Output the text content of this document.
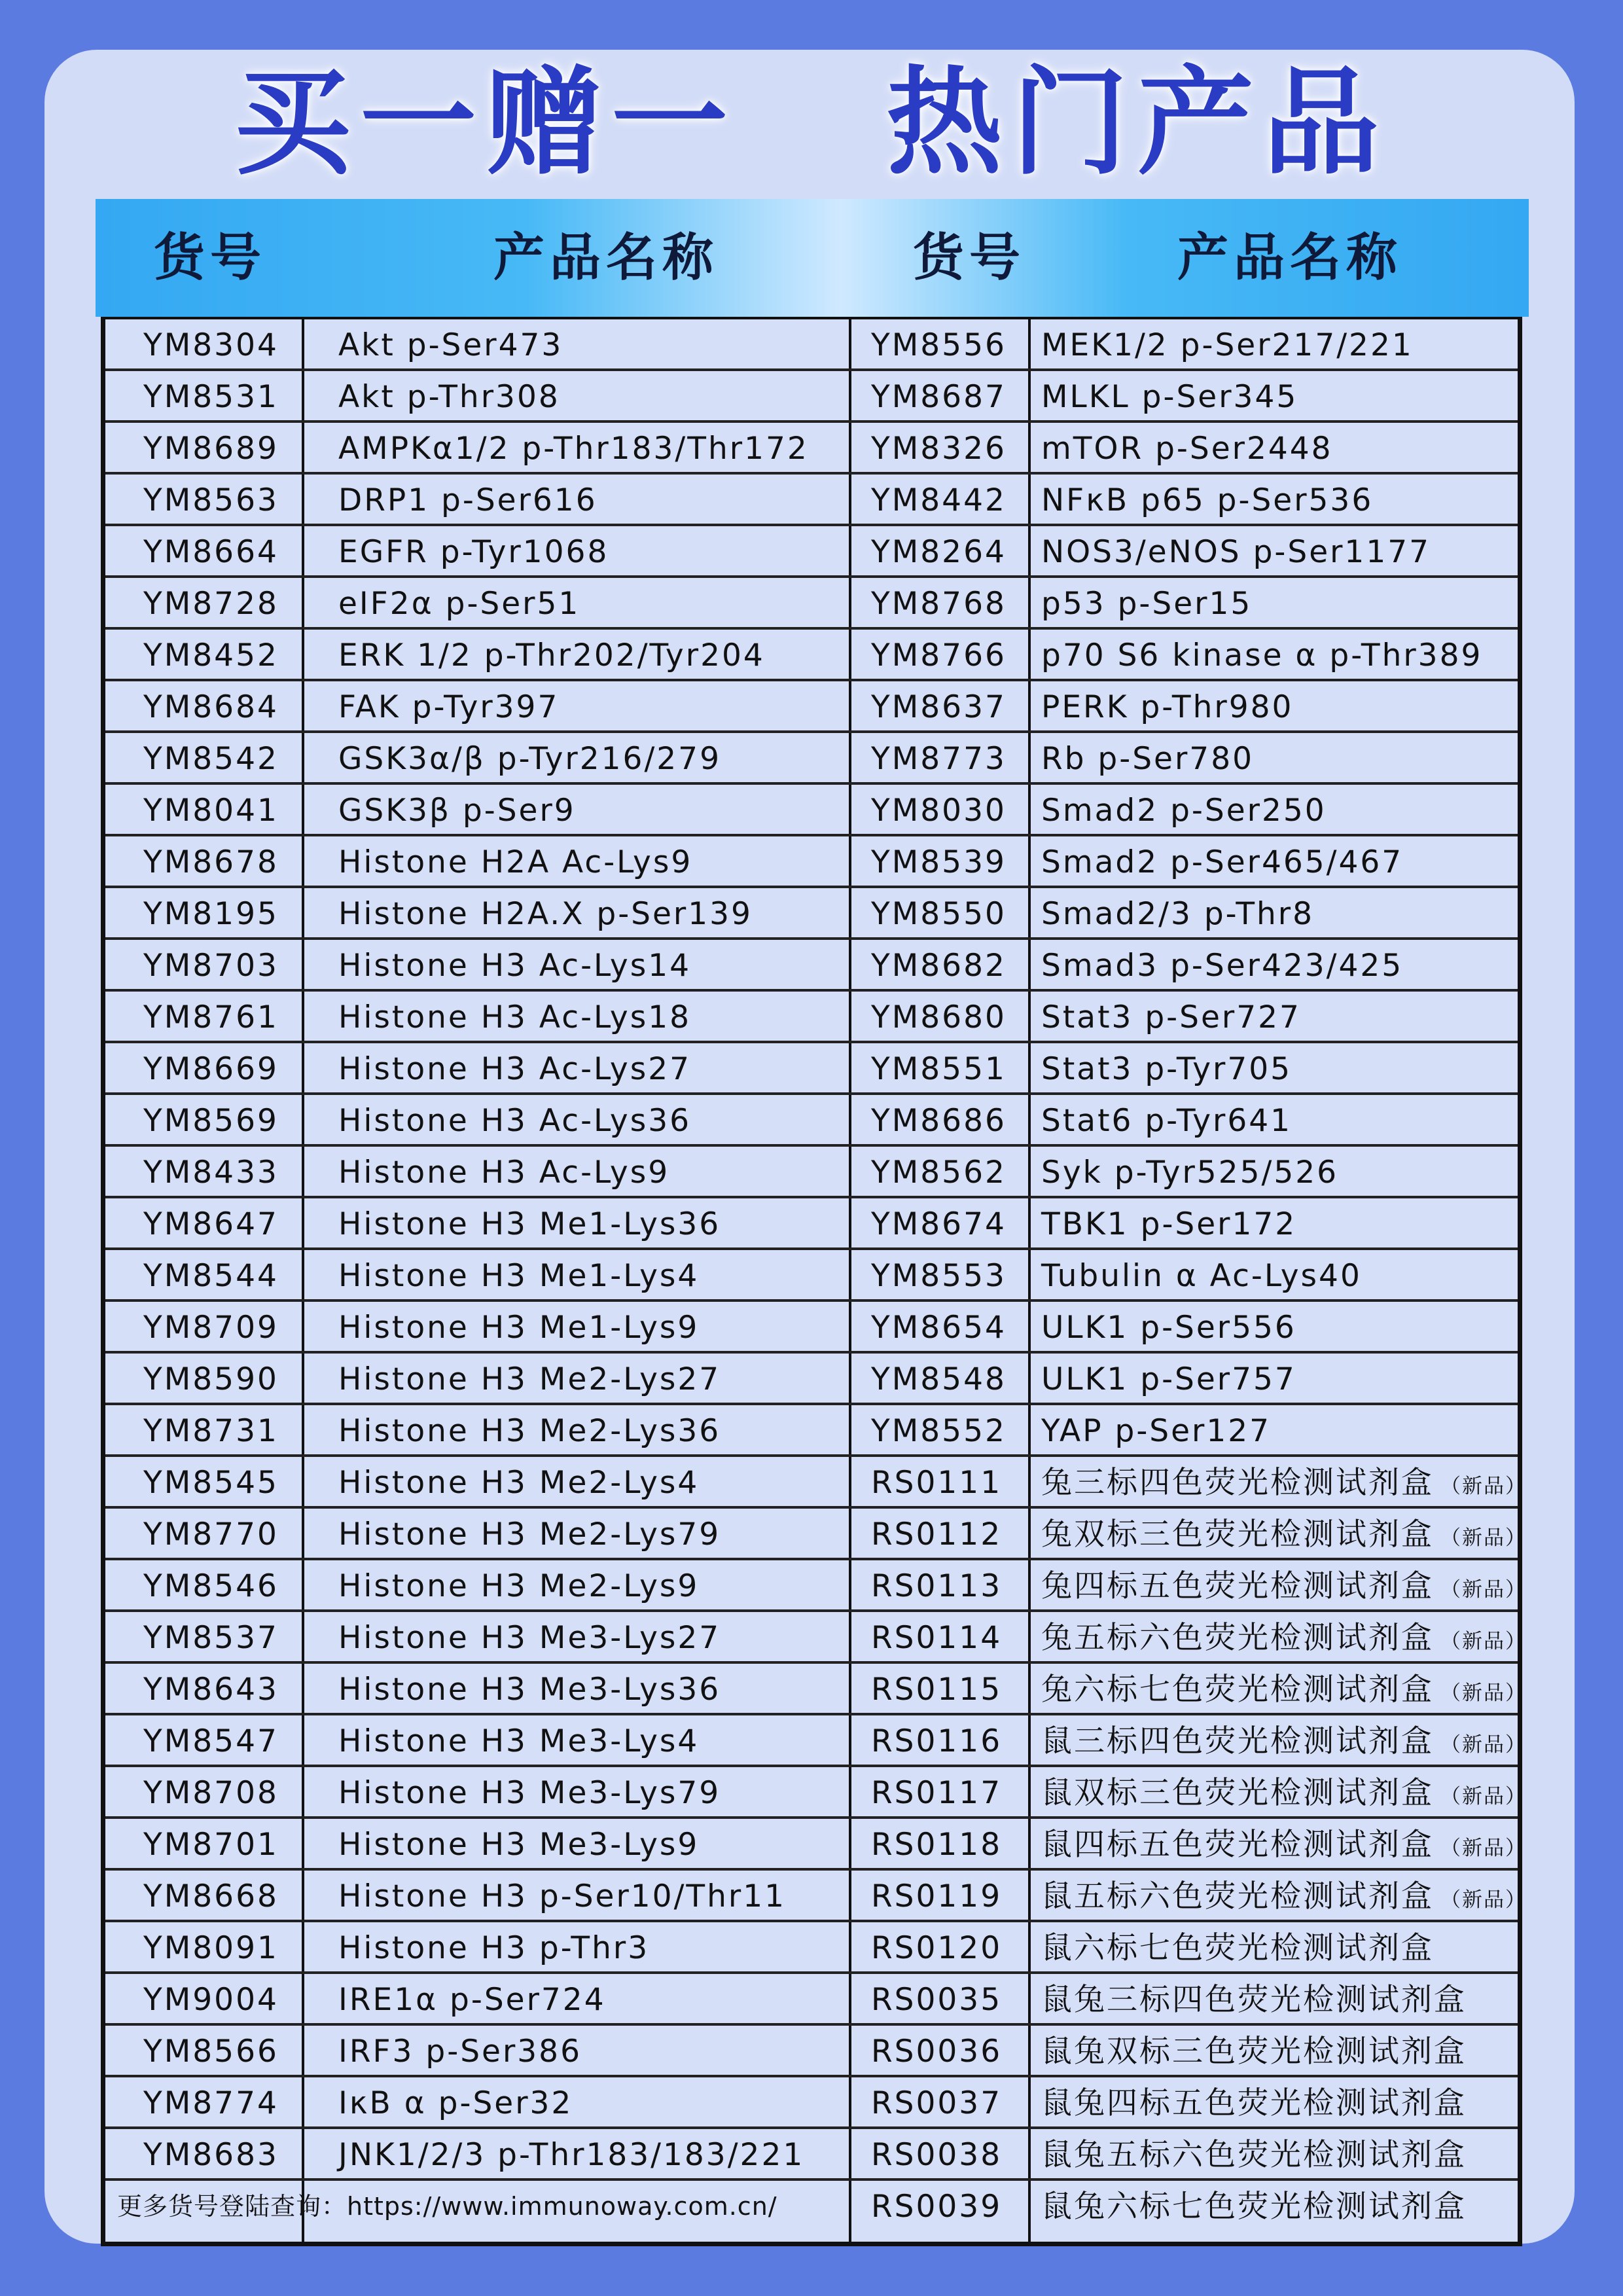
买一赠一   热门产品
货号	产品名称	货号	产品名称
YM8304 Akt p-Ser473	YM8556 MEK1/2 p-Ser217/221
YM8531 Akt p-Thr308	YM8687 MLKL p-Ser345
YM8689 AMPKα1/2 p-Thr183/Thr172 YM8326 mTOR p-Ser2448
YM8563 DRP1 p-Ser616	YM8442 NFκB p65 p-Ser536
YM8664 EGFR p-Tyr1068	YM8264 NOS3/eNOS p-Ser1177
YM8728 eIF2α p-Ser51	YM8768 p53 p-Ser15
YM8452 ERK 1/2 p-Thr202/Tyr204	YM8766 p70 S6 kinase α p-Thr389
YM8684 FAK p-Tyr397	YM8637 PERK p-Thr980
YM8542 GSK3α/β p-Tyr216/279	YM8773 Rb p-Ser780
YM8041 GSK3β p-Ser9	YM8030 Smad2 p-Ser250
YM8678 Histone H2A Ac-Lys9	YM8539 Smad2 p-Ser465/467
YM8195 Histone H2A.X p-Ser139	YM8550 Smad2/3 p-Thr8
YM8703 Histone H3 Ac-Lys14	YM8682 Smad3 p-Ser423/425
YM8761 Histone H3 Ac-Lys18	YM8680 Stat3 p-Ser727
YM8669 Histone H3 Ac-Lys27	YM8551 Stat3 p-Tyr705
YM8569 Histone H3 Ac-Lys36	YM8686 Stat6 p-Tyr641
YM8433 Histone H3 Ac-Lys9	YM8562 Syk p-Tyr525/526
YM8647 Histone H3 Me1-Lys36	YM8674 TBK1 p-Ser172
YM8544 Histone H3 Me1-Lys4	YM8553 Tubulin α Ac-Lys40
YM8709 Histone H3 Me1-Lys9	YM8654 ULK1 p-Ser556
YM8590 Histone H3 Me2-Lys27	YM8548 ULK1 p-Ser757
YM8731 Histone H3 Me2-Lys36	YM8552 YAP p-Ser127
YM8545 Histone H3 Me2-Lys4	RS0111 兔三标四色荧光检测试剂盒 （新品）
YM8770 Histone H3 Me2-Lys79	RS0112 兔双标三色荧光检测试剂盒 （新品）
YM8546 Histone H3 Me2-Lys9	RS0113 兔四标五色荧光检测试剂盒 （新品）
YM8537 Histone H3 Me3-Lys27	RS0114 兔五标六色荧光检测试剂盒 （新品）
YM8643 Histone H3 Me3-Lys36	RS0115 兔六标七色荧光检测试剂盒 （新品）
YM8547 Histone H3 Me3-Lys4	RS0116 鼠三标四色荧光检测试剂盒 （新品）
YM8708 Histone H3 Me3-Lys79	RS0117 鼠双标三色荧光检测试剂盒 （新品）
YM8701 Histone H3 Me3-Lys9	RS0118 鼠四标五色荧光检测试剂盒 （新品）
YM8668 Histone H3 p-Ser10/Thr11	RS0119 鼠五标六色荧光检测试剂盒 （新品）
YM8091 Histone H3 p-Thr3	RS0120 鼠六标七色荧光检测试剂盒
YM9004 IRE1α p-Ser724	RS0035 鼠兔三标四色荧光检测试剂盒
YM8566 IRF3 p-Ser386	RS0036 鼠兔双标三色荧光检测试剂盒
YM8774 IκB α p-Ser32	RS0037 鼠兔四标五色荧光检测试剂盒
YM8683 JNK1/2/3 p-Thr183/183/221 RS0038 鼠兔五标六色荧光检测试剂盒
RS0039 鼠兔六标七色荧光检测试剂盒
更多货号登陆查询：https://www.immunoway.com.cn/
